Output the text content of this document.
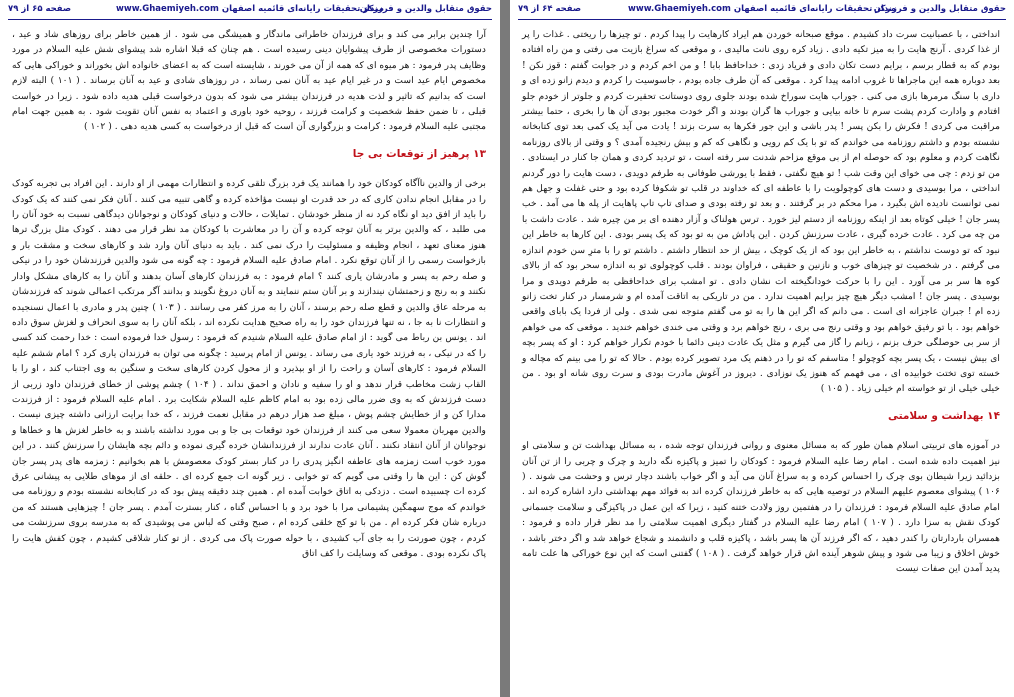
حقوق متقابل والدین و فرزندان
مرکز تحقیقات رایانه‌ای قائمیه اصفهان www.Ghaemiyeh.com
صفحه ۶۵ از ۷۹

آرا چندین برابر می کند و برای فرزندان خاطراتی ماندگار و همیشگی می شود . از همین خاطر برای روزهای شاد و عید ، دستورات مخصوصی از طرف پیشوایان دینی رسیده است . هم چنان که قبلا اشاره شد پیشوای شش علیه السلام در مورد وظایف پدر فرمود : هر میوه ای که همه از آن می خورند ، شایسته است که به اعضای خانواده اش بخوراند و خوراکی هایی که مخصوص ایام عید است و در غیر ایام عید به آنان نمی رساند ، در روزهای شادی و عید به آنان برساند . ( ۱۰۱ ) البته لازم است که بدانیم که تاثیر و لذت هدیه در فرزندان بیشتر می شود که بدون درخواست قبلی هدیه داده شود . زیرا در خواست قبلی ، تا ضمن حفظ شخصیت و کرامت فرزند ، روحیه خود باوری و اعتماد به نفس آنان تقویت شود . به همین جهت امام مجتبی علیه السلام فرمود : کرامت و بزرگواری آن است که قبل از درخواست به کسی هدیه دهی . ( ۱۰۲ )

۱۳ پرهیز از توقعات بی جا

برخی از والدین ناآگاه کودکان خود را همانند یک فرد بزرگ تلقی کرده و انتظارات مهمی از او دارند . این افراد بی تجربه کودک را در مقابل انجام ندادن کاری که در حد قدرت او نیست مؤاخذه کرده و گاهی تنبیه می کنند . آنان فکر نمی کنند که یک کودک را باید از افق دید او نگاه کرد نه از منظر خودشان . تمایلات ، حالات و دنیای کودکان و نوجوانان دیدگاهی نسبت به خود آنان را می طلبد ، که والدین برتر به آنان توجه کرده و آن را در معاشرت با کودکان مد نظر قرار می دهند . کودک مثل بزرگ ترها هنوز معنای تعهد ، انجام وظیفه و مسئولیت را درک نمی کند . باید به دنیای آنان وارد شد و کارهای سخت و مشقت بار و بازخواست رسمی را از آنان توقع نکرد . امام صادق علیه السلام فرمود : چه گونه می شود والدین فرزندشان خود را در نیکی و صله رحم به پسر و مادرشان یاری کنند ؟ امام فرمود : به فرزندان کارهای آسان بدهند و آنان را به کارهای مشکل وادار نکنند و به رنج و زحمتشان نیندازند و بر آنان ستم ننمایند و به آنان دروغ نگویند و بدانند آگر مرتکب اعمالی شوند که فرزندشان به مرحله عاق والدین و قطع صله رحم برسند ، آنان را به مرز کفر می رسانند . ( ۱۰۳ ) چنین پدر و مادری با اعمال نسنجیده و انتظارات نا به جا ، نه تنها فرزندان خود را به راه صحیح هدایت نکرده اند ، بلکه آنان را به سوی انحراف و لغزش سوق داده اند . یونس بن رباط می گوید : از امام صادق علیه السلام شنیدم که فرمود : رسول خدا فرموده است : خدا رحمت کند کسی را که در نیکی ، به فرزند خود یاری می رساند . یونس از امام پرسید : چگونه می توان به فرزندان یاری کرد ؟ امام ششم علیه السلام فرمود : کارهای آسان و راحت را از او بپذیرد و از محول کردن کارهای سخت و سنگین به وی اجتناب کند ، او را با القاب زشت مخاطب قرار ندهد و او را سفیه و نادان و احمق نداند . ( ۱۰۴ ) چشم پوشی از خطای فرزندان داود زربی از دست فرزندش که به وی ضرر مالی زده بود به امام کاظم علیه السلام شکایت برد . امام علیه السلام فرمود : از فرزندت مدارا کن و از خطایش چشم پوش ، مبلغ صد هزار درهم در مقابل نعمت فرزند ، که خدا برایت ارزانی داشته چیزی نیست . والدین مهربان معمولا سعی می کنند از فرزندان خود توقعات بی جا و بی مورد نداشته باشند و به خاطر لغزش ها و خطاها و نوجوانان از آنان انتقاد نکنند . آنان عادت ندارند از فرزندانشان خرده گیری نموده و دائم بچه هایشان را سرزنش کنند . در این مورد خوب است زمزمه های عاطفه انگیز پدری را در کنار بستر کودک معصومش با هم بخوانیم : زمزمه های پدر پسر جان گوش کن : این ها را وقتی می گویم که تو خوابی . زیر گونه ات جمع کرده ای . حلقه ای از موهای طلایی به پیشانی عرق کرده ات چسبیده است . دزدکی به اتاق خوابت آمده ام . همین چند دقیقه پیش بود که در کتابخانه نشسته بودم و روزنامه می خواندم که موج سهمگین پشیمانی مرا با خود برد و با احساس گناه ، کنار بسترت آمدم . پسر جان ! چیزهایی هستند که من درباره شان فکر کرده ام . من با تو کج خلقی کرده ام ، صبح وقتی که لباس می پوشیدی که به مدرسه بروی سرزنشت می کردم ، چون صورتت را به جای آب کشیدی ، با حوله صورت پاک می کردی . از تو کنار شلاقی کشیدم ، چون کفش هایت را پاک نکرده بودی . موقعی که وسایلت را کف اتاق

حقوق متقابل والدین و فرزندان
مرکز تحقیقات رایانه‌ای قائمیه اصفهان www.Ghaemiyeh.com
صفحه ۶۴ از ۷۹

انداختی ، با عصبانیت سرت داد کشیدم . موقع صبحانه خوردن هم ایراد کارهایت را پیدا کردم . تو چیزها را ریختی . غذات را پر از غذا کردی . آرنج هایت را به میز تکیه دادی . زیاد کره روی نانت مالیدی ، و موقعی که سراغ بازیت می رفتی و من راه افتاده بودم که به قطار برسم ، برایم دست تکان دادی و فریاد زدی : خداحافظ بابا ! و من اخم کردم و در جوابت گفتم : قوز نکن ! بعد دوباره همه این ماجراها تا غروب ادامه پیدا کرد . موقعی که آن طرف جاده بودم ، جاسوسیت را کردم و دیدم زانو زده ای و داری با سنگ مرمرها بازی می کنی . جوراب هایت سوراخ شده بودند جلوی روی دوستانت تحقیرت کردم و جلوتر از خودم جلو افتادم و وادارت کردم پشت سرم تا خانه بیایی و جوراب ها گران بودند و اگر خودت مجبور بودی آن ها را بخری ، حتما بیشتر مراقبت می کردی ! فکرش را بکن پسر ! پدر باشی و این جور فکرها به سرت بزند ! یادت می آید یک کمی بعد توی کتابخانه نشسته بودم و داشتم روزنامه می خواندم که تو با یک کم رویی و نگاهی که کم و بیش رنجیده آمدی ؟ و وقتی از بالای روزنامه نگاهت کردم و معلوم بود که حوصله ام از بی موقع مزاحم شدنت سر رفته است ، تو تردید کردی و همان جا کنار در ایستادی . من تو زدم : چی می خوای این وقت شب ! تو هیچ نگفتی ، فقط با یورشی طوفانی به طرفم دویدی ، دست هایت را دور گردنم انداختی ، مرا بوسیدی و دست های کوچولویت را با عاطفه ای که خداوند در قلب تو شکوفا کرده بود و حتی غفلت و جهل هم نمی توانست نادیده اش بگیرد ، مرا محکم در بر گرفتند . و بعد تو رفته بودی و صدای تاپ تاپ پاهایت از پله ها می آمد . خب پسر جان ! خیلی کوتاه بعد از اینکه روزنامه از دستم لیز خورد . ترس هولناک و آزار دهنده ای بر من چیره شد . عادت داشت با من چه می کرد . عادت خرده گیری ، عادت سرزنش کردن . این پاداش من به تو بود که یک پسر بودی . این کارها به خاطر این نبود که تو دوست نداشتم ، به خاطر این بود که از یک کوچک ، بیش از حد انتظار داشتم . داشتم تو را با مترِ سن خودم اندازه می گرفتم . در شخصیت تو چیزهای خوب و نازنین و حقیقی ، فراوان بودند . قلب کوچولوی تو به اندازه سحر بود که از بالای کوه ها سر بر می آورد . این را با حرکت خودانگیخته ات نشان دادی . تو امشب برای خداحافظی به طرفم دویدی و مرا بوسیدی . پسر جان ! امشب دیگر هیچ چیز برایم اهمیت ندارد . من در تاریکی به اتاقت آمده ام و شرمسار در کنار تخت زانو زده ام ! جبران عاجزانه ای است . می دانم که اگر این ها را به تو می گفتم متوجه نمی شدی . ولی از فردا یک بابای واقعی خواهم بود . با تو رفیق خواهم بود و وقتی رنج می بری ، رنج خواهم برد و وقتی می خندی خواهم خندید . موقعی که می خواهم از سر بی حوصلگی حرف بزنم ، زبانم را گاز می گیرم و مثل یک عادت دینی دائما با خودم تکرار خواهم کرد : او که پسر بچه ای بیش نیست ، یک پسر بچه کوچولو ! متاسفم که تو را در ذهنم یک مرد تصویر کرده بودم . حالا که تو را می بینم که مچاله و خسته توی تختت خوابیده ای ، می فهمم که هنوز یک نوزادی . دیروز در آغوش مادرت بودی و سرت روی شانه او بود . من خیلی خیلی از تو خواسته ام خیلی زیاد . ( ۱۰۵ )

۱۴ بهداشت و سلامتی

در آموزه های تربیتی اسلام همان طور که به مسائل معنوی و روانی فرزندان توجه شده ، به مسائل بهداشت تن و سلامتی او نیز اهمیت داده شده است . امام رضا علیه السلام فرمود : کودکان را تمیز و پاکیزه نگه دارید و چرک و چربی را از تن آنان بزدائید زیرا شیطان بوی چرک را احساس کرده و به سراغ آنان می آید و اگر خواب باشند دچار ترس و وحشت می شوند . ( ۱۰۶ ) پیشوای معصوم علیهم السلام در توصیه هایی که به خاطر فرزندان کرده اند به فوائد مهم بهداشتی دارد اشاره کرده اند . امام صادق علیه السلام فرمود : فرزندان را در هفتمین روز ولادت ختنه کنید ، زیرا که این عمل در پاکیزگی و سلامت جسمانی کودک نقش به سزا دارد . ( ۱۰۷ ) امام رضا علیه السلام در گفتار دیگری اهمیت سلامتی را مد نظر قرار داده و فرمود : همسران باردارتان را کندر دهید ، که اگر فرزند آن ها پسر باشد ، پاکیزه قلب و دانشمند و شجاع خواهد شد و اگر دختر باشد ، خوش اخلاق و زیبا می شود و پیش شوهر آینده اش قرار خواهد گرفت . ( ۱۰۸ ) گفتنی است که این نوع خوراکی ها علت تامه پدید آمدن این صفات نیست
